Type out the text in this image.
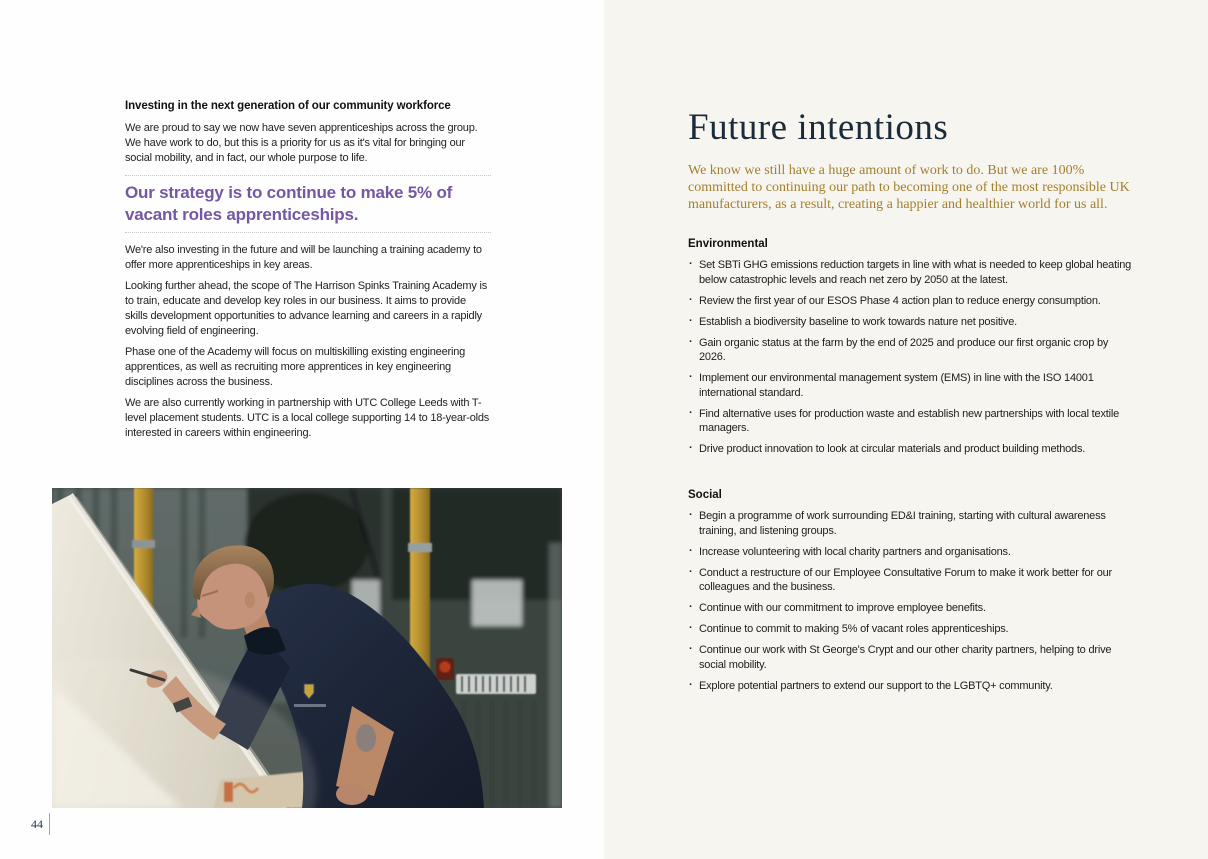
Investing in the next generation of our community workforce

We are proud to say we now have seven apprenticeships across the group. We have work to do, but this is a priority for us as it's vital for bringing our social mobility, and in fact, our whole purpose to life.

Our strategy is to continue to make 5% of vacant roles apprenticeships.

We're also investing in the future and will be launching a training academy to offer more apprenticeships in key areas.

Looking further ahead, the scope of The Harrison Spinks Training Academy is to train, educate and develop key roles in our business. It aims to provide skills development opportunities to advance learning and careers in a rapidly evolving field of engineering.

Phase one of the Academy will focus on multiskilling existing engineering apprentices, as well as recruiting more apprentices in key engineering disciplines across the business.

We are also currently working in partnership with UTC College Leeds with T-level placement students. UTC is a local college supporting 14 to 18-year-olds interested in careers within engineering.

44
Future intentions

We know we still have a huge amount of work to do. But we are 100% committed to continuing our path to becoming one of the most responsible UK manufacturers, as a result, creating a happier and healthier world for us all.

Environmental
· Set SBTi GHG emissions reduction targets in line with what is needed to keep global heating below catastrophic levels and reach net zero by 2050 at the latest.
· Review the first year of our ESOS Phase 4 action plan to reduce energy consumption.
· Establish a biodiversity baseline to work towards nature net positive.
· Gain organic status at the farm by the end of 2025 and produce our first organic crop by 2026.
· Implement our environmental management system (EMS) in line with the ISO 14001 international standard.
· Find alternative uses for production waste and establish new partnerships with local textile managers.
· Drive product innovation to look at circular materials and product building methods.
Social
· Begin a programme of work surrounding ED&I training, starting with cultural awareness training, and listening groups.
· Increase volunteering with local charity partners and organisations.
· Conduct a restructure of our Employee Consultative Forum to make it work better for our colleagues and the business.
· Continue with our commitment to improve employee benefits.
· Continue to commit to making 5% of vacant roles apprenticeships.
· Continue our work with St George's Crypt and our other charity partners, helping to drive social mobility.
· Explore potential partners to extend our support to the LGBTQ+ community.
